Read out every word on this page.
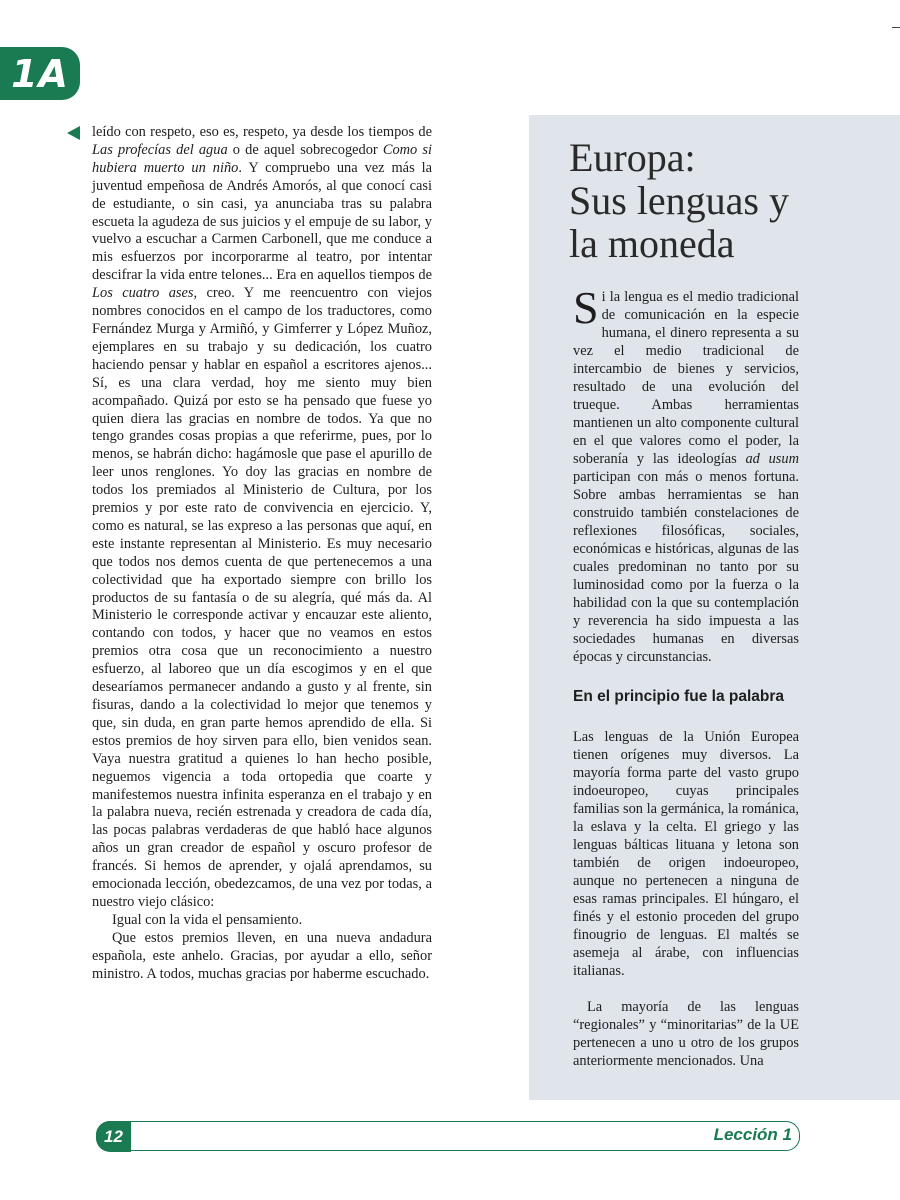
1A

leído con respeto, eso es, respeto, ya desde los tiempos de Las profecías del agua o de aquel sobrecogedor Como si hubiera muerto un niño. Y compruebo una vez más la juventud empeñosa de Andrés Amorós, al que conocí casi de estudiante, o sin casi, ya anunciaba tras su palabra escueta la agudeza de sus juicios y el empuje de su labor, y vuelvo a escuchar a Carmen Carbonell, que me conduce a mis esfuerzos por incorporarme al teatro, por intentar descifrar la vida entre telones... Era en aquellos tiempos de Los cuatro ases, creo. Y me reencuentro con viejos nombres conocidos en el campo de los traductores, como Fernández Murga y Armiñó, y Gimferrer y López Muñoz, ejemplares en su trabajo y su dedicación, los cuatro haciendo pensar y hablar en español a escritores ajenos... Sí, es una clara verdad, hoy me siento muy bien acompañado. Quizá por esto se ha pensado que fuese yo quien diera las gracias en nombre de todos. Ya que no tengo grandes cosas propias a que referirme, pues, por lo menos, se habrán dicho: hagámosle que pase el apurillo de leer unos renglones. Yo doy las gracias en nombre de todos los premiados al Ministerio de Cultura, por los premios y por este rato de convivencia en ejercicio. Y, como es natural, se las expreso a las personas que aquí, en este instante representan al Ministerio. Es muy necesario que todos nos demos cuenta de que pertenecemos a una colectividad que ha exportado siempre con brillo los productos de su fantasía o de su alegría, qué más da. Al Ministerio le corresponde activar y encauzar este aliento, contando con todos, y hacer que no veamos en estos premios otra cosa que un reconocimiento a nuestro esfuerzo, al laboreo que un día escogimos y en el que desearíamos permanecer andando a gusto y al frente, sin fisuras, dando a la colectividad lo mejor que tenemos y que, sin duda, en gran parte hemos aprendido de ella. Si estos premios de hoy sirven para ello, bien venidos sean. Vaya nuestra gratitud a quienes lo han hecho posible, neguemos vigencia a toda ortopedia que coarte y manifestemos nuestra infinita esperanza en el trabajo y en la palabra nueva, recién estrenada y creadora de cada día, las pocas palabras verdaderas de que habló hace algunos años un gran creador de español y oscuro profesor de francés. Si hemos de aprender, y ojalá aprendamos, su emocionada lección, obedezcamos, de una vez por todas, a nuestro viejo clásico:

Igual con la vida el pensamiento.

Que estos premios lleven, en una nueva andadura española, este anhelo. Gracias, por ayudar a ello, señor ministro. A todos, muchas gracias por haberme escuchado.

Europa:
Sus lenguas y
la moneda

Si la lengua es el medio tradicional de comunicación en la especie humana, el dinero representa a su vez el medio tradicional de intercambio de bienes y servicios, resultado de una evolución del trueque. Ambas herramientas mantienen un alto componente cultural en el que valores como el poder, la soberanía y las ideologías ad usum participan con más o menos fortuna. Sobre ambas herramientas se han construido también constelaciones de reflexiones filosóficas, sociales, económicas e históricas, algunas de las cuales predominan no tanto por su luminosidad como por la fuerza o la habilidad con la que su contemplación y reverencia ha sido impuesta a las sociedades humanas en diversas épocas y circunstancias.

En el principio fue la palabra

Las lenguas de la Unión Europea tienen orígenes muy diversos. La mayoría forma parte del vasto grupo indoeuropeo, cuyas principales familias son la germánica, la románica, la eslava y la celta. El griego y las lenguas bálticas lituana y letona son también de origen indoeuropeo, aunque no pertenecen a ninguna de esas ramas principales. El húngaro, el finés y el estonio proceden del grupo finougrio de lenguas. El maltés se asemeja al árabe, con influencias italianas.

La mayoría de las lenguas “regionales” y “minoritarias” de la UE pertenecen a uno u otro de los grupos anteriormente mencionados. Una

12	Lección 1
